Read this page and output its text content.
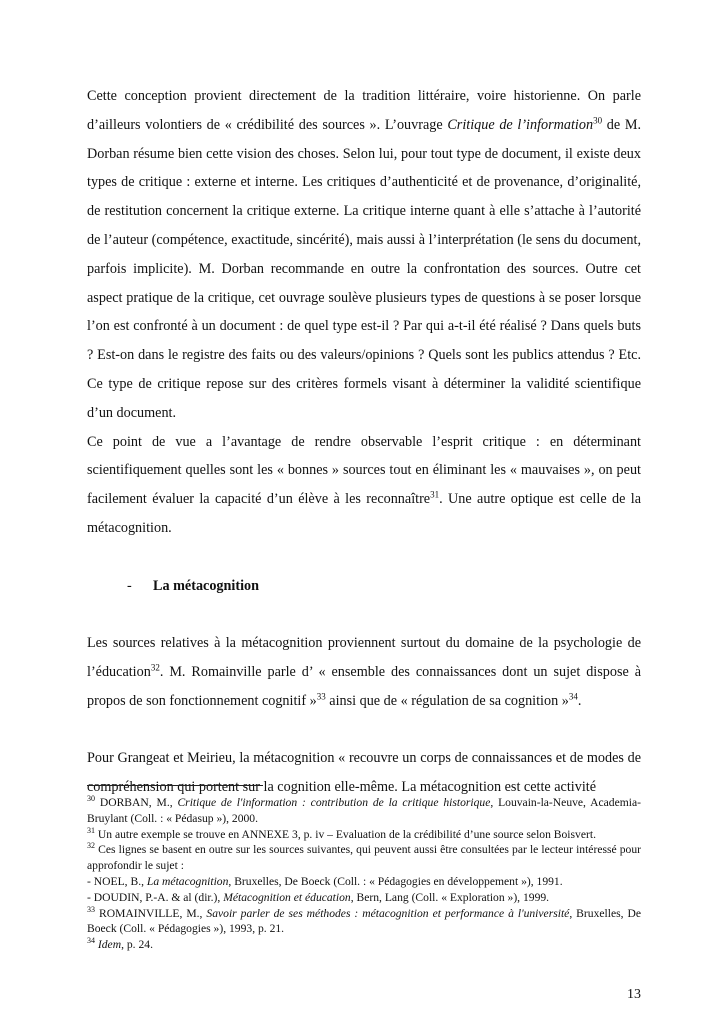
Cette conception provient directement de la tradition littéraire, voire historienne. On parle d’ailleurs volontiers de « crédibilité des sources ». L’ouvrage Critique de l’information$^{30}$ de M. Dorban résume bien cette vision des choses. Selon lui, pour tout type de document, il existe deux types de critique : externe et interne. Les critiques d’authenticité et de provenance, d’originalité, de restitution concernent la critique externe. La critique interne quant à elle s’attache à l’autorité de l’auteur (compétence, exactitude, sincérité), mais aussi à l’interprétation (le sens du document, parfois implicite). M. Dorban recommande en outre la confrontation des sources. Outre cet aspect pratique de la critique, cet ouvrage soulève plusieurs types de questions à se poser lorsque l’on est confronté à un document : de quel type est-il ? Par qui a-t-il été réalisé ? Dans quels buts ? Est-on dans le registre des faits ou des valeurs/opinions ? Quels sont les publics attendus ? Etc. Ce type de critique repose sur des critères formels visant à déterminer la validité scientifique d’un document.

Ce point de vue a l’avantage de rendre observable l’esprit critique : en déterminant scientifiquement quelles sont les « bonnes » sources tout en éliminant les « mauvaises », on peut facilement évaluer la capacité d’un élève à les reconnaître$^{31}$. Une autre optique est celle de la métacognition.

- La métacognition

Les sources relatives à la métacognition proviennent surtout du domaine de la psychologie de l’éducation$^{32}$. M. Romainville parle d’ « ensemble des connaissances dont un sujet dispose à propos de son fonctionnement cognitif »$^{33}$ ainsi que de « régulation de sa cognition »$^{34}$.

Pour Grangeat et Meirieu, la métacognition « recouvre un corps de connaissances et de modes de compréhension qui portent sur la cognition elle-même. La métacognition est cette activité

$^{30}$ DORBAN, M., Critique de l'information : contribution de la critique historique, Louvain-la-Neuve, Academia-Bruylant (Coll. : « Pédasup »), 2000.

$^{31}$ Un autre exemple se trouve en ANNEXE 3, p. iv – Evaluation de la crédibilité d’une source selon Boisvert.

$^{32}$ Ces lignes se basent en outre sur les sources suivantes, qui peuvent aussi être consultées par le lecteur intéressé pour approfondir le sujet :

- NOEL, B., La métacognition, Bruxelles, De Boeck (Coll. : « Pédagogies en développement »), 1991.

- DOUDIN, P.-A. & al (dir.), Métacognition et éducation, Bern, Lang (Coll. « Exploration »), 1999.

$^{33}$ ROMAINVILLE, M., Savoir parler de ses méthodes : métacognition et performance à l'université, Bruxelles, De Boeck (Coll. « Pédagogies »), 1993, p. 21.

$^{34}$ Idem, p. 24.

13
